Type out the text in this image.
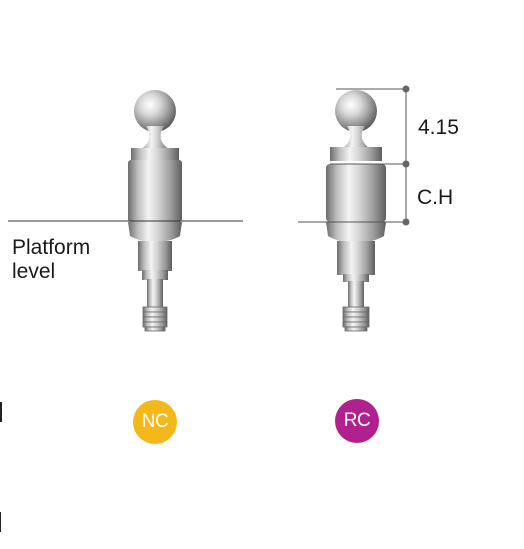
Platform
level
4.15
C.H
NC	RC
